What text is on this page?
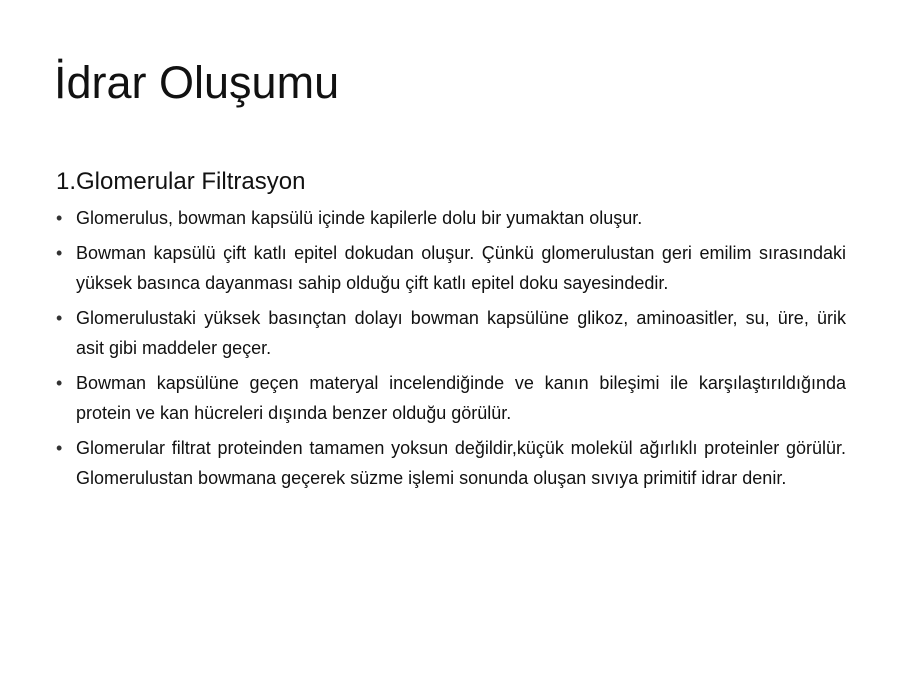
İdrar Oluşumu
1.Glomerular Filtrasyon
• Glomerulus, bowman kapsülü içinde kapilerle dolu bir yumaktan oluşur.
• Bowman kapsülü çift katlı epitel dokudan oluşur. Çünkü glomerulustan geri emilim sırasındaki yüksek basınca dayanması sahip olduğu çift katlı epitel doku sayesindedir.
• Glomerulustaki yüksek basınçtan dolayı bowman kapsülüne glikoz, aminoasitler, su, üre, ürik asit gibi maddeler geçer.
• Bowman kapsülüne geçen materyal incelendiğinde ve kanın bileşimi ile karşılaştırıldığında protein ve kan hücreleri dışında benzer olduğu görülür.
• Glomerular filtrat proteinden tamamen yoksun değildir,küçük molekül ağırlıklı proteinler görülür. Glomerulustan bowmana geçerek süzme işlemi sonunda oluşan sıvıya primitif idrar denir.
